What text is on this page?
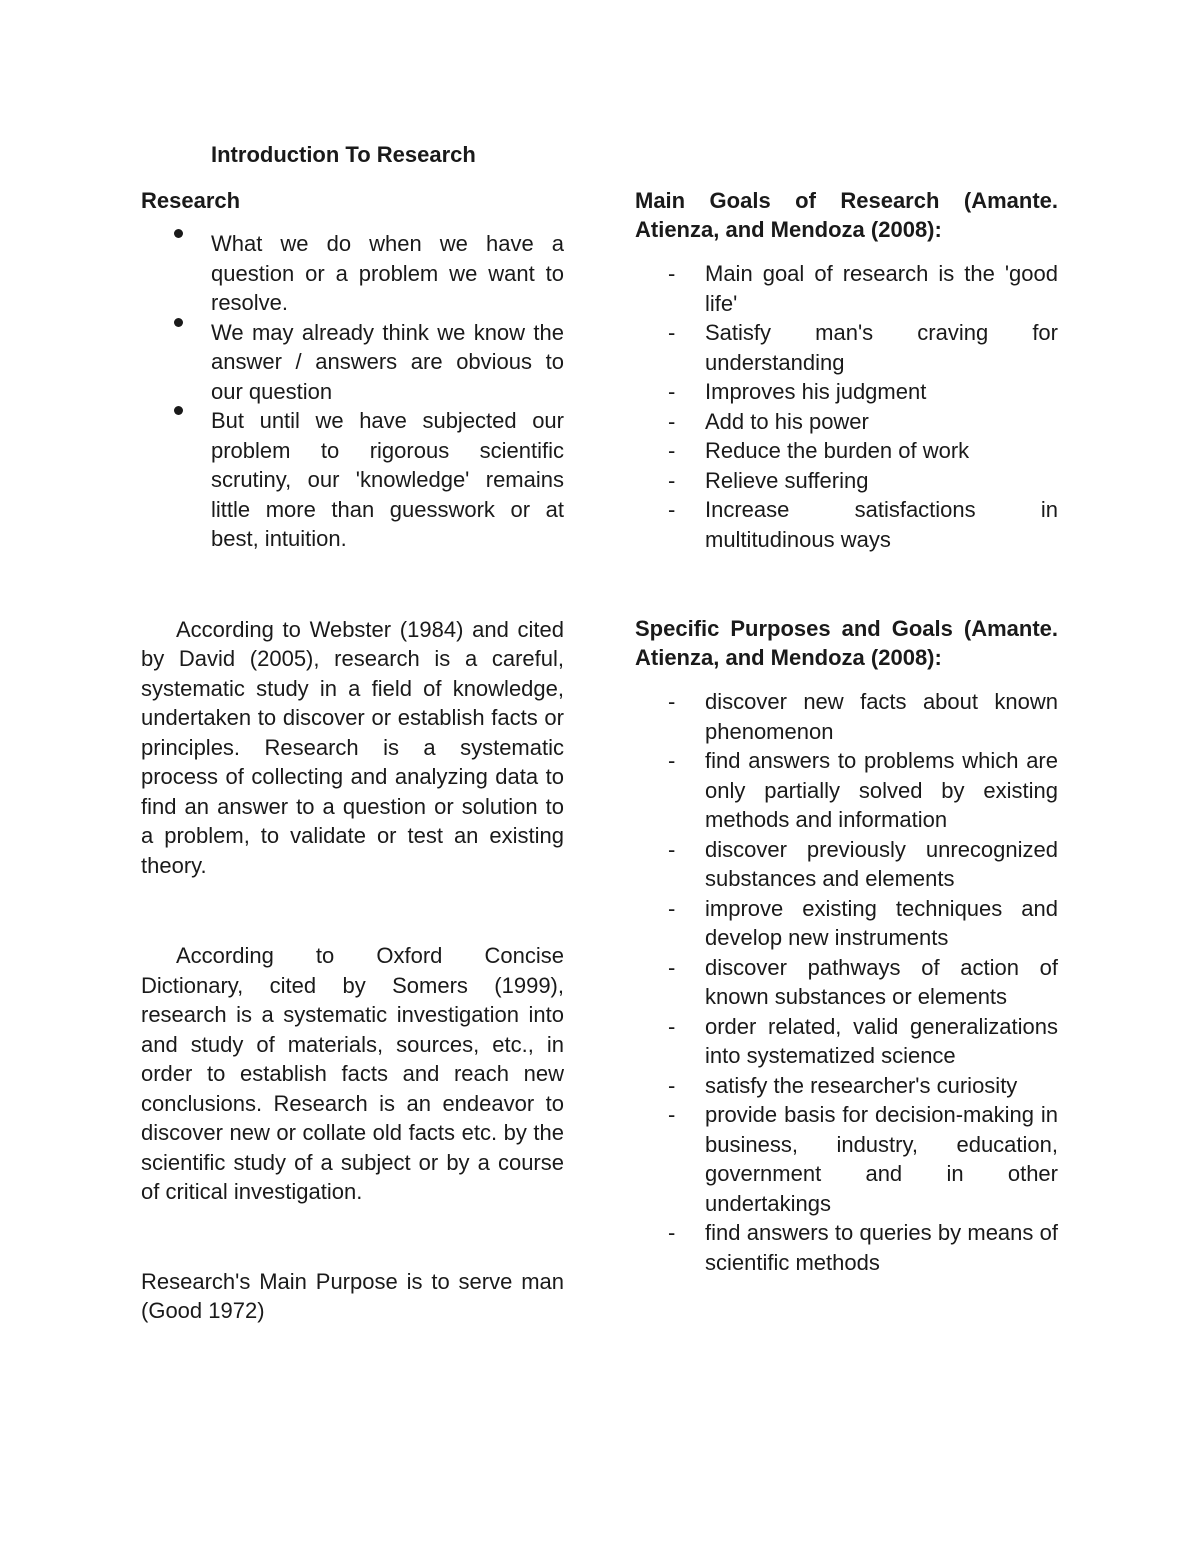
Introduction To Research
Research
What we do when we have a question or a problem we want to resolve.
We may already think we know the answer / answers are obvious to our question
But until we have subjected our problem to rigorous scientific scrutiny, our 'knowledge' remains little more than guesswork or at best, intuition.

According to Webster (1984) and cited by David (2005), research is a careful, systematic study in a field of knowledge, undertaken to discover or establish facts or principles. Research is a systematic process of collecting and analyzing data to find an answer to a question or solution to a problem, to validate or test an existing theory.

According to Oxford Concise Dictionary, cited by Somers (1999), research is a systematic investigation into and study of materials, sources, etc., in order to establish facts and reach new conclusions. Research is an endeavor to discover new or collate old facts etc. by the scientific study of a subject or by a course of critical investigation.

Research's Main Purpose is to serve man (Good 1972)

Main Goals of Research (Amante. Atienza, and Mendoza (2008):
- Main goal of research is the 'good life'
- Satisfy man's craving for understanding
- Improves his judgment
- Add to his power
- Reduce the burden of work
- Relieve suffering
- Increase satisfactions in multitudinous ways
Specific Purposes and Goals (Amante. Atienza, and Mendoza (2008):
- discover new facts about known phenomenon
- find answers to problems which are only partially solved by existing methods and information
- discover previously unrecognized substances and elements
- improve existing techniques and develop new instruments
- discover pathways of action of known substances or elements
- order related, valid generalizations into systematized science
- satisfy the researcher's curiosity
- provide basis for decision-making in business, industry, education, government and in other undertakings
- find answers to queries by means of scientific methods
